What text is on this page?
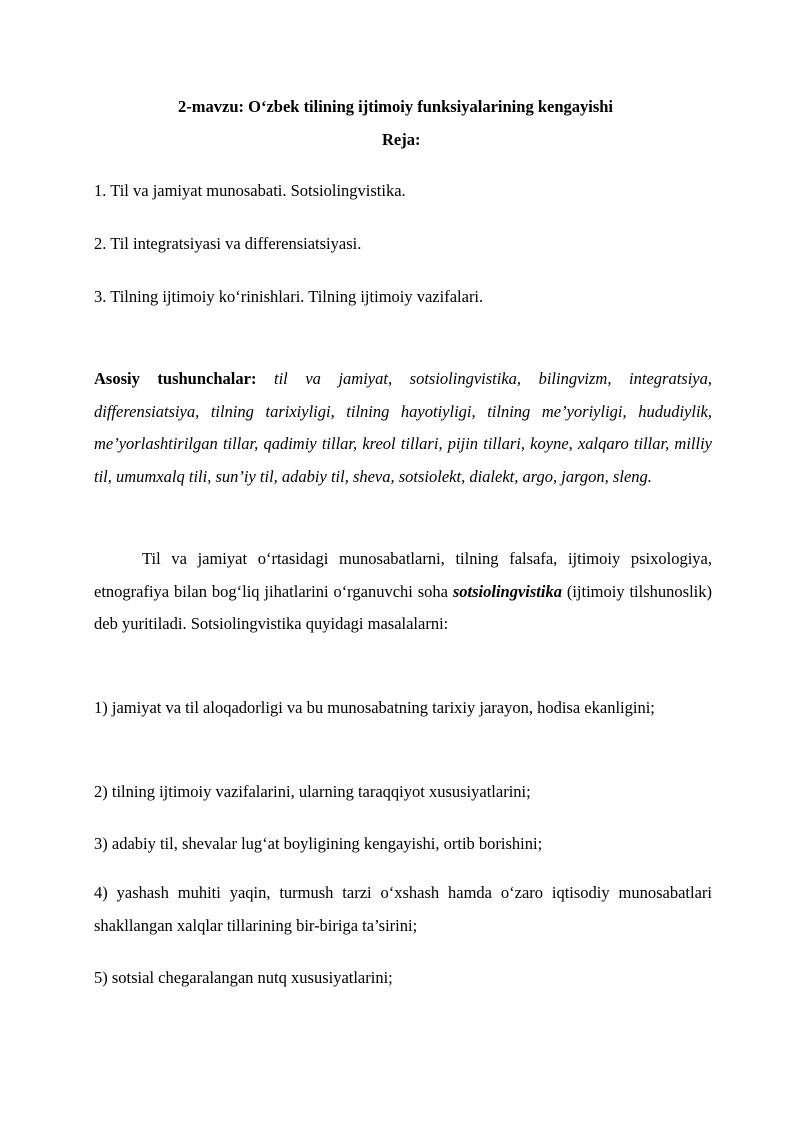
2-mavzu: O‘zbek tilining ijtimoiy funksiyalarining kengayishi
Reja:
1. Til va jamiyat munosabati. Sotsiolingvistika.
2. Til integratsiyasi va differensiatsiyasi.
3. Tilning ijtimoiy ko‘rinishlari. Tilning ijtimoiy vazifalari.
Asosiy tushunchalar: til va jamiyat, sotsiolingvistika, bilingvizm, integratsiya, differensiatsiya, tilning tarixiyligi, tilning hayotiyligi, tilning me’yoriyligi, hududiylik, me’yorlashtirilgan tillar, qadimiy tillar, kreol tillari, pijin tillari, koyne, xalqaro tillar, milliy til, umumxalq tili, sun’iy til, adabiy til, sheva, sotsiolekt, dialekt, argo, jargon, sleng.
Til va jamiyat o‘rtasidagi munosabatlarni, tilning falsafa, ijtimoiy psixologiya, etnografiya bilan bog‘liq jihatlarini o‘rganuvchi soha sotsiolingvistika (ijtimoiy tilshunoslik) deb yuritiladi. Sotsiolingvistika quyidagi masalalarni:
1) jamiyat va til aloqadorligi va bu munosabatning tarixiy jarayon, hodisa ekanligini;
2) tilning ijtimoiy vazifalarini, ularning taraqqiyot xususiyatlarini;
3) adabiy til, shevalar lug‘at boyligining kengayishi, ortib borishini;
4) yashash muhiti yaqin, turmush tarzi o‘xshash hamda o‘zaro iqtisodiy munosabatlari shakllangan xalqlar tillarining bir-biriga ta’sirini;
5) sotsial chegaralangan nutq xususiyatlarini;
